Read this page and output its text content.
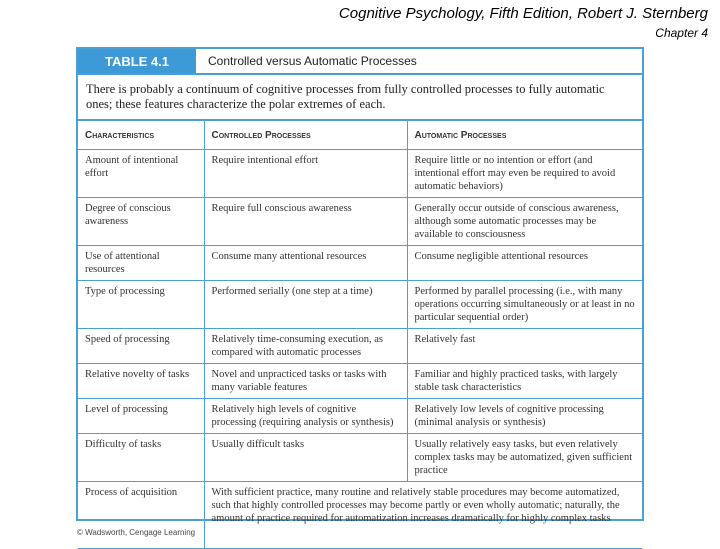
Cognitive Psychology, Fifth Edition, Robert J. Sternberg
Chapter 4
TABLE 4.1	Controlled versus Automatic Processes
There is probably a continuum of cognitive processes from fully controlled processes to fully automatic ones; these features characterize the polar extremes of each.
Characteristics	Controlled Processes	Automatic Processes
Amount of intentional effort	Require intentional effort	Require little or no intention or effort (and intentional effort may even be required to avoid automatic behaviors)
Degree of conscious awareness	Require full conscious awareness	Generally occur outside of conscious awareness, although some automatic processes may be available to consciousness
Use of attentional resources	Consume many attentional resources	Consume negligible attentional resources
Type of processing	Performed serially (one step at a time)	Performed by parallel processing (i.e., with many operations occurring simultaneously or at least in no particular sequential order)
Speed of processing	Relatively time-consuming execution, as compared with automatic processes	Relatively fast
Relative novelty of tasks	Novel and unpracticed tasks or tasks with many variable features	Familiar and highly practiced tasks, with largely stable task characteristics
Level of processing	Relatively high levels of cognitive processing (requiring analysis or synthesis)	Relatively low levels of cognitive processing (minimal analysis or synthesis)
Difficulty of tasks	Usually difficult tasks	Usually relatively easy tasks, but even relatively complex tasks may be automatized, given sufficient practice
Process of acquisition	With sufficient practice, many routine and relatively stable procedures may become automatized, such that highly controlled processes may become partly or even wholly automatic; naturally, the amount of practice required for automatization increases dramatically for highly complex tasks	
© Wadsworth, Cengage Learning
